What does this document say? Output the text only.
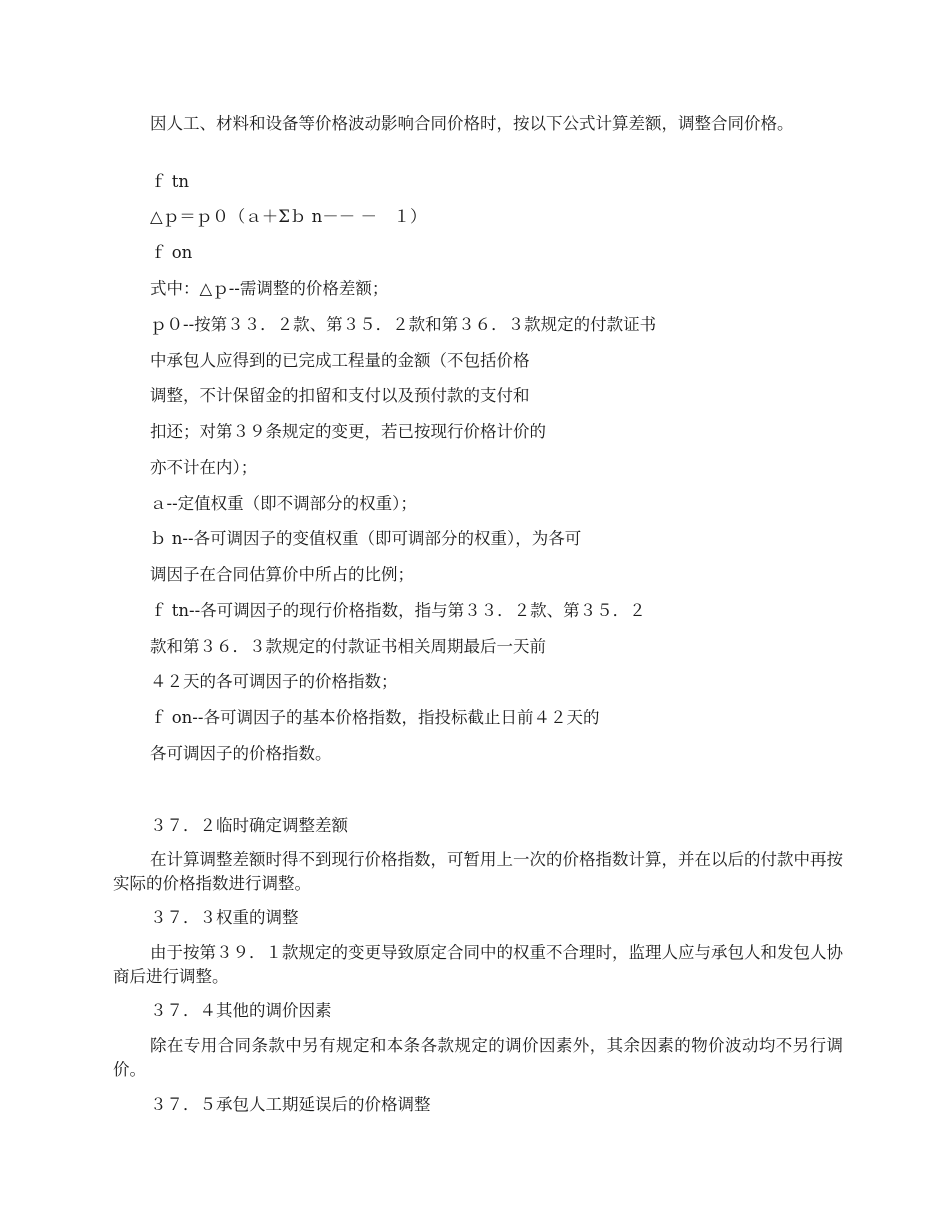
因人工、材料和设备等价格波动影响合同价格时，按以下公式计算差额，调整合同价格。

ｆ tn
△ｐ＝ｐ０（ａ＋Σｂ n－－ －　１）
ｆ on
式中：△ｐ--需调整的价格差额；
ｐ０--按第３３．２款、第３５．２款和第３６．３款规定的付款证书
中承包人应得到的已完成工程量的金额（不包括价格
调整，不计保留金的扣留和支付以及预付款的支付和
扣还；对第３９条规定的变更，若已按现行价格计价的
亦不计在内）；
ａ--定值权重（即不调部分的权重）；
ｂ n--各可调因子的变值权重（即可调部分的权重），为各可
调因子在合同估算价中所占的比例；
ｆ tn--各可调因子的现行价格指数，指与第３３．２款、第３５．２
款和第３６．３款规定的付款证书相关周期最后一天前
４２天的各可调因子的价格指数；
ｆ on--各可调因子的基本价格指数，指投标截止日前４２天的
各可调因子的价格指数。
３７．２临时确定调整差额

在计算调整差额时得不到现行价格指数，可暂用上一次的价格指数计算，并在以后的付款中再按实际的价格指数进行调整。

３７．３权重的调整

由于按第３９．１款规定的变更导致原定合同中的权重不合理时，监理人应与承包人和发包人协商后进行调整。

３７．４其他的调价因素

除在专用合同条款中另有规定和本条各款规定的调价因素外，其余因素的物价波动均不另行调价。

３７．５承包人工期延误后的价格调整
